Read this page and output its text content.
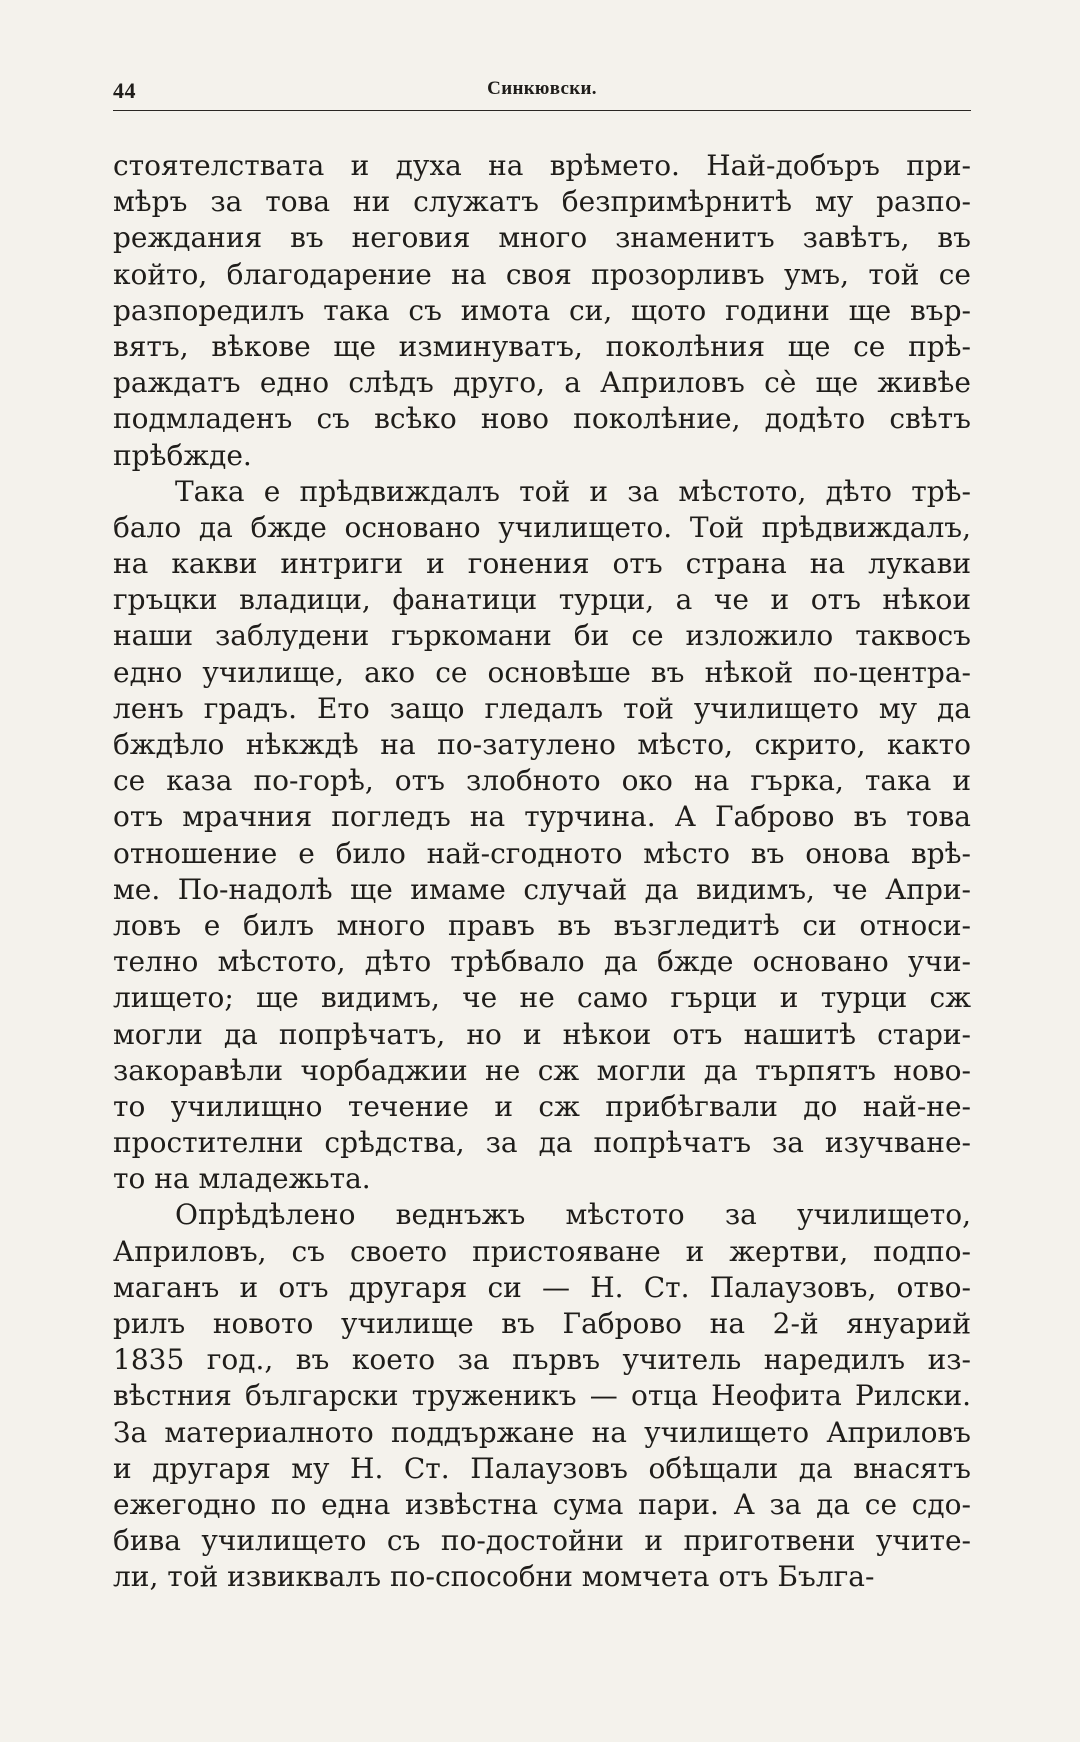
44	Синкювски.
стоятелствата и духа на врѣмето. Най-добъръ при-
мѣръ за това ни служатъ безпримѣрнитѣ му разпо-
реждания въ неговия много знаменитъ завѣтъ, въ
който, благодарение на своя прозорливъ умъ, той се
разпоредилъ така съ имота си, щото години ще вър-
вятъ, вѣкове ще изминуватъ, поколѣния ще се прѣ-
раждатъ едно слѣдъ друго, а Априловъ сѐ ще живѣе
подмладенъ съ всѣко ново поколѣние, додѣто свѣтъ
прѣбжде.
Така е прѣдвиждалъ той и за мѣстото, дѣто трѣ-
бало да бжде основано училището. Той прѣдвиждалъ,
на какви интриги и гонения отъ страна на лукави
гръцки владици, фанатици турци, а че и отъ нѣкои
наши заблудени гъркомани би се изложило таквосъ
едно училище, ако се основѣше въ нѣкой по-центра-
ленъ градъ. Ето защо гледалъ той училището му да
бждѣло нѣкждѣ на по-затулено мѣсто, скрито, както
се каза по-горѣ, отъ злобното око на гърка, така и
отъ мрачния погледъ на турчина. А Габрово въ това
отношение е било най-сгодното мѣсто въ онова врѣ-
ме. По-надолѣ ще имаме случай да видимъ, че Апри-
ловъ е билъ много правъ въ възгледитѣ си относи-
телно мѣстото, дѣто трѣбвало да бжде основано учи-
лището; ще видимъ, че не само гърци и турци сж
могли да попрѣчатъ, но и нѣкои отъ нашитѣ стари-
закоравѣли чорбаджии не сж могли да търпятъ ново-
то училищно течение и сж прибѣгвали до най-не-
простителни срѣдства, за да попрѣчатъ за изучване-
то на младежьта.
Опрѣдѣлено веднъжъ мѣстото за училището,
Априловъ, съ своето пристояване и жертви, подпо-
маганъ и отъ другаря си — Н. Ст. Палаузовъ, отво-
рилъ новото училище въ Габрово на 2-й януарий
1835 год., въ което за първъ учитель наредилъ из-
вѣстния български труженикъ — отца Неофита Рилски.
За материалното поддържане на училището Априловъ
и другаря му Н. Ст. Палаузовъ обѣщали да внасятъ
ежегодно по една извѣстна сума пари. А за да се сдо-
бива училището съ по-достойни и приготвени учите-
ли, той извиквалъ по-способни момчета отъ Бълга-
